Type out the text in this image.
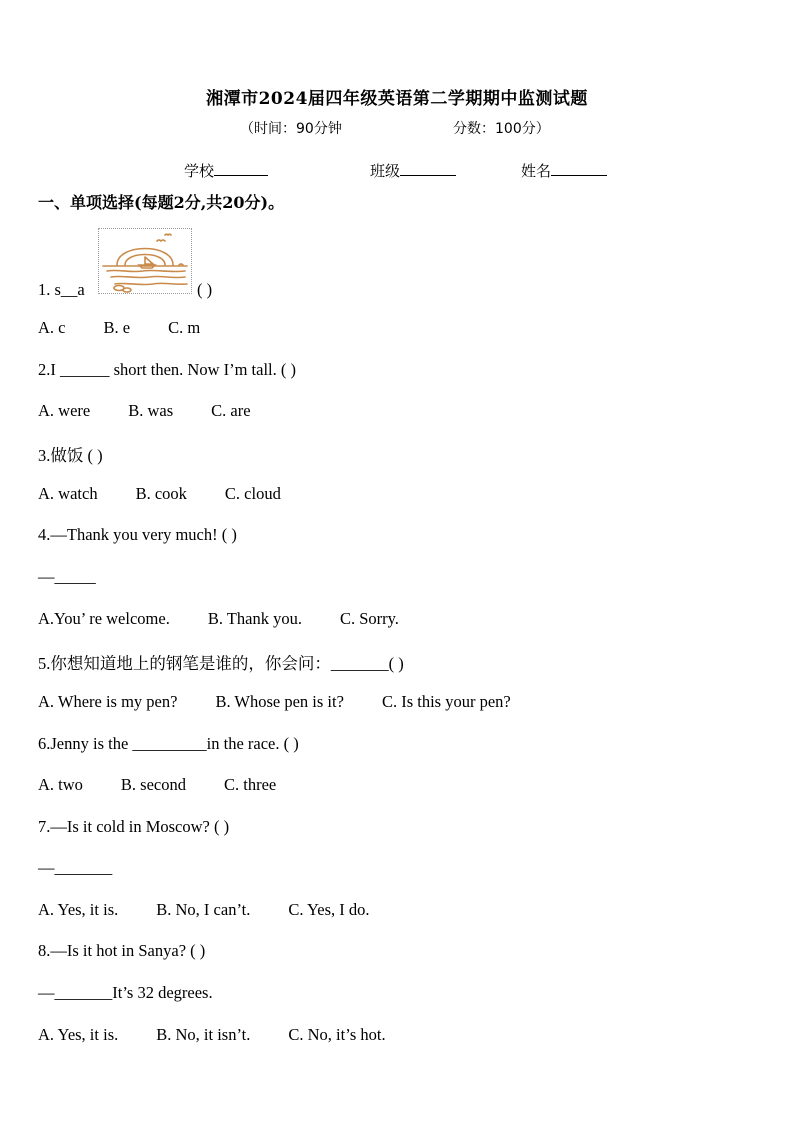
湘潭市2024届四年级英语第二学期期中监测试题
（时间：90分钟	分数：100分）
学校	班级	姓名
一、单项选择(每题2分,共20分)。
1. s__a	( )
A. c B. e C. m
2.I ______ short then. Now I’m tall. ( )
A. were B. was C. are
3.做饭 ( )
A. watch B. cook C. cloud
4.—Thank you very much! ( )
—_____
A.You’ re welcome. B. Thank you. C. Sorry.
5.你想知道地上的钢笔是谁的，你会问：_______( )
A. Where is my pen? B. Whose pen is it? C. Is this your pen?
6.Jenny is the _________in the race. ( )
A. two B. second C. three
7.—Is it cold in Moscow? ( )
—_______
A. Yes, it is. B. No, I can’t. C. Yes, I do.
8.—Is it hot in Sanya? ( )
—_______It’s 32 degrees.
A. Yes, it is. B. No, it isn’t. C. No, it’s hot.
